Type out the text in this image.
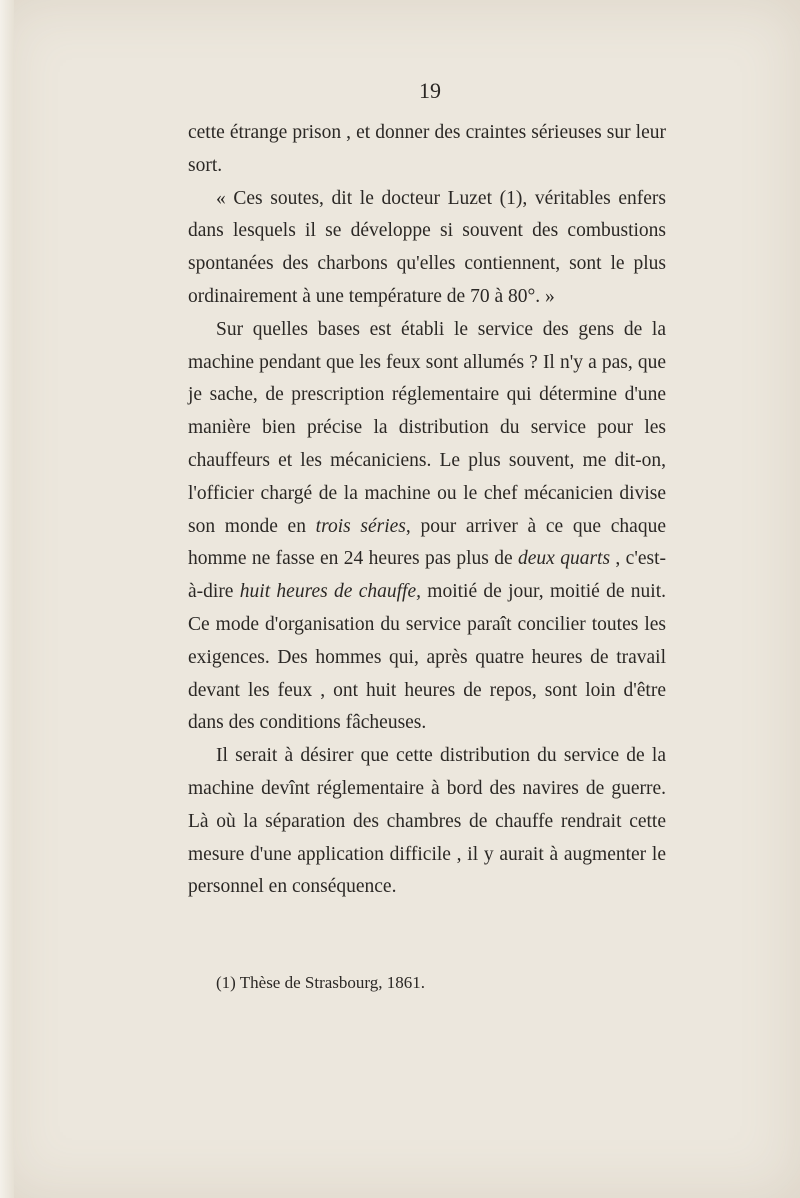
19

cette étrange prison , et donner des craintes sérieuses sur leur sort.

« Ces soutes, dit le docteur Luzet (1), véritables enfers dans lesquels il se développe si souvent des combustions spontanées des charbons qu'elles contiennent, sont le plus ordinairement à une température de 70 à 80°. »

Sur quelles bases est établi le service des gens de la machine pendant que les feux sont allumés ? Il n'y a pas, que je sache, de prescription réglementaire qui détermine d'une manière bien précise la distribution du service pour les chauffeurs et les mécaniciens. Le plus souvent, me dit-on, l'officier chargé de la machine ou le chef mécanicien divise son monde en trois séries, pour arriver à ce que chaque homme ne fasse en 24 heures pas plus de deux quarts , c'est-à-dire huit heures de chauffe, moitié de jour, moitié de nuit. Ce mode d'organisation du service paraît concilier toutes les exigences. Des hommes qui, après quatre heures de travail devant les feux , ont huit heures de repos, sont loin d'être dans des conditions fâcheuses.

Il serait à désirer que cette distribution du service de la machine devînt réglementaire à bord des navires de guerre. Là où la séparation des chambres de chauffe rendrait cette mesure d'une application difficile , il y aurait à augmenter le personnel en conséquence.

(1) Thèse de Strasbourg, 1861.
